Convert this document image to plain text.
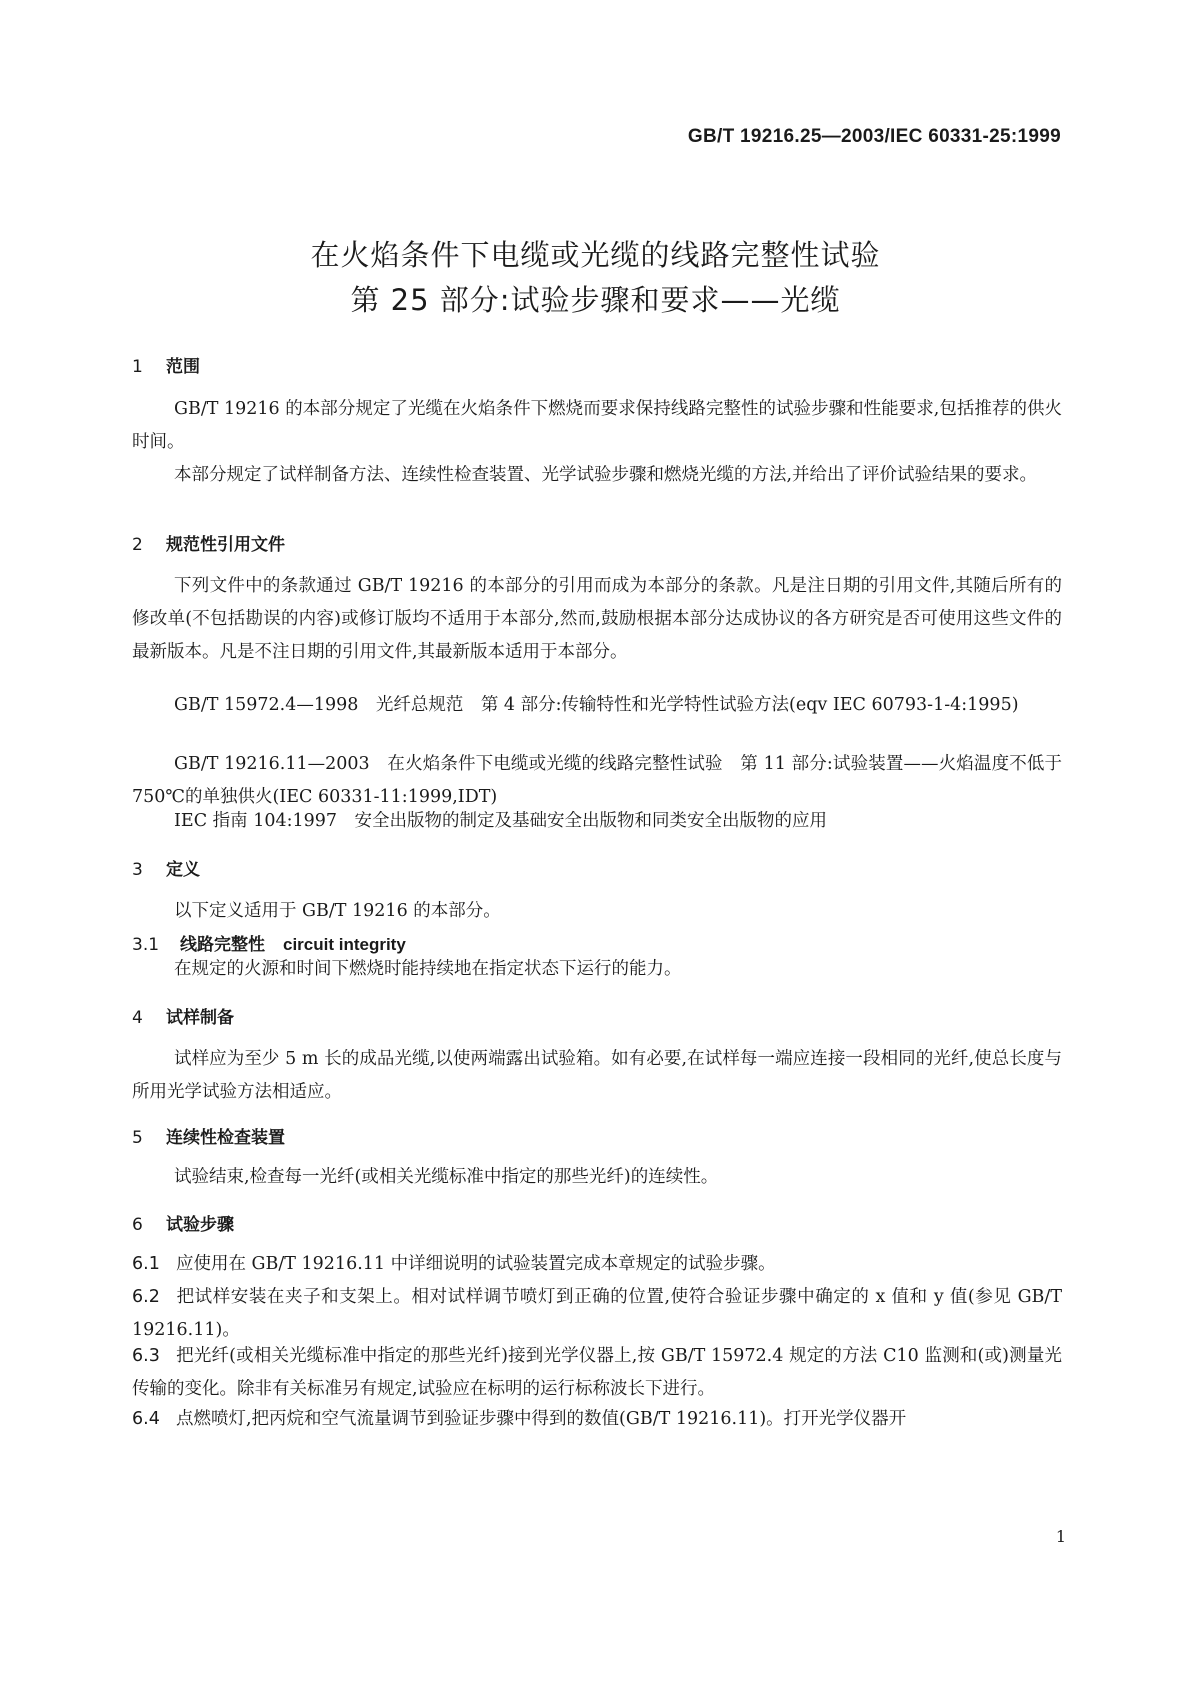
GB/T 19216.25—2003/IEC 60331-25:1999
在火焰条件下电缆或光缆的线路完整性试验
第 25 部分:试验步骤和要求——光缆
1 范围
GB/T 19216 的本部分规定了光缆在火焰条件下燃烧而要求保持线路完整性的试验步骤和性能要求,包括推荐的供火时间。
本部分规定了试样制备方法、连续性检查装置、光学试验步骤和燃烧光缆的方法,并给出了评价试验结果的要求。
2 规范性引用文件
下列文件中的条款通过 GB/T 19216 的本部分的引用而成为本部分的条款。凡是注日期的引用文件,其随后所有的修改单(不包括勘误的内容)或修订版均不适用于本部分,然而,鼓励根据本部分达成协议的各方研究是否可使用这些文件的最新版本。凡是不注日期的引用文件,其最新版本适用于本部分。
GB/T 15972.4—1998　光纤总规范　第 4 部分:传输特性和光学特性试验方法(eqv IEC 60793-1-4:1995)
GB/T 19216.11—2003　在火焰条件下电缆或光缆的线路完整性试验　第 11 部分:试验装置——火焰温度不低于 750℃的单独供火(IEC 60331-11:1999,IDT)
IEC 指南 104:1997　安全出版物的制定及基础安全出版物和同类安全出版物的应用
3 定义
以下定义适用于 GB/T 19216 的本部分。
3.1 线路完整性 circuit integrity
在规定的火源和时间下燃烧时能持续地在指定状态下运行的能力。
4 试样制备
试样应为至少 5 m 长的成品光缆,以使两端露出试验箱。如有必要,在试样每一端应连接一段相同的光纤,使总长度与所用光学试验方法相适应。
5 连续性检查装置
试验结束,检查每一光纤(或相关光缆标准中指定的那些光纤)的连续性。
6 试验步骤
6.1 应使用在 GB/T 19216.11 中详细说明的试验装置完成本章规定的试验步骤。
6.2 把试样安装在夹子和支架上。相对试样调节喷灯到正确的位置,使符合验证步骤中确定的 x 值和 y 值(参见 GB/T 19216.11)。
6.3 把光纤(或相关光缆标准中指定的那些光纤)接到光学仪器上,按 GB/T 15972.4 规定的方法 C10 监测和(或)测量光传输的变化。除非有关标准另有规定,试验应在标明的运行标称波长下进行。
6.4 点燃喷灯,把丙烷和空气流量调节到验证步骤中得到的数值(GB/T 19216.11)。打开光学仪器开
1
